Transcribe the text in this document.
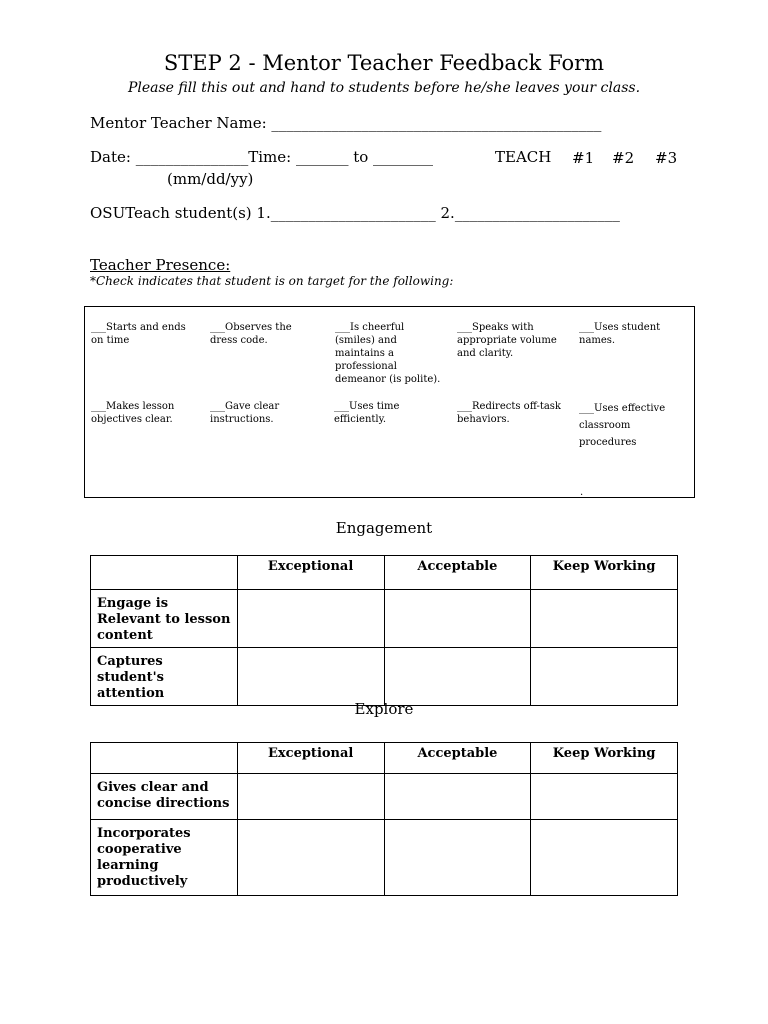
STEP 2 - Mentor Teacher Feedback Form
Please fill this out and hand to students before he/she leaves your class.
Mentor Teacher Name: ____________________________________________
Date: _______________Time: _______ to ________	TEACH #1 #2 #3
(mm/dd/yy)
OSUTeach student(s) 1.______________________ 2.______________________
Teacher Presence:
*Check indicates that student is on target for the following:
___Starts and ends on time
___Observes the dress code.
___Is cheerful (smiles) and maintains a professional demeanor (is polite).
___Speaks with appropriate volume and clarity.
___Uses student names.
___Makes lesson objectives clear.
___Gave clear instructions.
___Uses time efficiently.
___Redirects off-task behaviors.
___Uses effective classroom procedures
.
Engagement
	Exceptional	Acceptable	Keep Working
Engage is Relevant to lesson content			
Captures student's attention			
Explore
	Exceptional	Acceptable	Keep Working
Gives clear and concise directions			
Incorporates cooperative learning productively			
